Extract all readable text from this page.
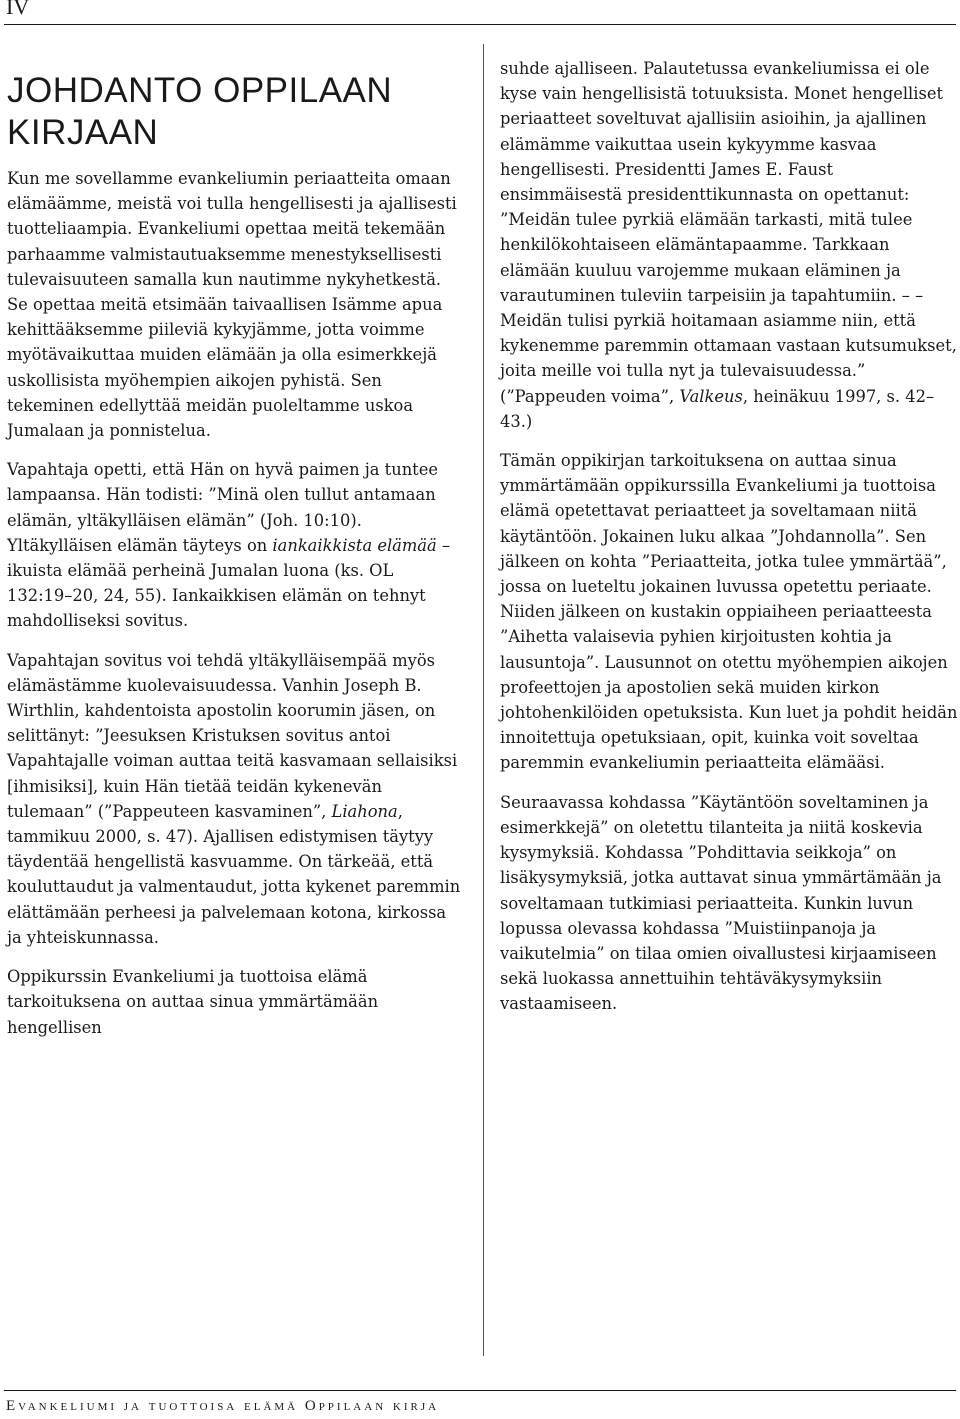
IV
JOHDANTO OPPILAAN KIRJAAN

Kun me sovellamme evankeliumin periaatteita omaan elämäämme, meistä voi tulla hengellisesti ja ajallisesti tuotteliaampia. Evankeliumi opettaa meitä tekemään parhaamme valmistautuaksemme menestyksellisesti tulevaisuuteen samalla kun nautimme nykyhetkestä. Se opettaa meitä etsimään taivaallisen Isämme apua kehittääksemme piileviä kykyjämme, jotta voimme myötävaikuttaa muiden elämään ja olla esimerkkejä uskollisista myöhempien aikojen pyhistä. Sen tekeminen edellyttää meidän puoleltamme uskoa Jumalaan ja ponnistelua.

Vapahtaja opetti, että Hän on hyvä paimen ja tuntee lampaansa. Hän todisti: ”Minä olen tullut antamaan elämän, yltäkylläisen elämän” (Joh. 10:10). Yltäkylläisen elämän täyteys on iankaikkista elämää – ikuista elämää perheinä Jumalan luona (ks. OL 132:19–20, 24, 55). Iankaikkisen elämän on tehnyt mahdolliseksi sovitus.

Vapahtajan sovitus voi tehdä yltäkylläisempää myös elämästämme kuolevaisuudessa. Vanhin Joseph B. Wirthlin, kahdentoista apostolin koorumin jäsen, on selittänyt: ”Jeesuksen Kristuksen sovitus antoi Vapahtajalle voiman auttaa teitä kasvamaan sellaisiksi [ihmisiksi], kuin Hän tietää teidän kykenevän tulemaan” (”Pappeuteen kasvaminen”, Liahona, tammikuu 2000, s. 47). Ajallisen edistymisen täytyy täydentää hengellistä kasvuamme. On tärkeää, että kouluttaudut ja valmentaudut, jotta kykenet paremmin elättämään perheesi ja palvelemaan kotona, kirkossa ja yhteiskunnassa.

Oppikurssin Evankeliumi ja tuottoisa elämä tarkoituksena on auttaa sinua ymmärtämään hengellisen

suhde ajalliseen. Palautetussa evankeliumissa ei ole kyse vain hengellisistä totuuksista. Monet hengelliset periaatteet soveltuvat ajallisiin asioihin, ja ajallinen elämämme vaikuttaa usein kykyymme kasvaa hengellisesti. Presidentti James E. Faust ensimmäisestä presidenttikunnasta on opettanut: ”Meidän tulee pyrkiä elämään tarkasti, mitä tulee henkilökohtaiseen elämäntapaamme. Tarkkaan elämään kuuluu varojemme mukaan eläminen ja varautuminen tuleviin tarpeisiin ja tapahtumiin. – – Meidän tulisi pyrkiä hoitamaan asiamme niin, että kykenemme paremmin ottamaan vastaan kutsumukset, joita meille voi tulla nyt ja tulevaisuudessa.” (”Pappeuden voima”, Valkeus, heinäkuu 1997, s. 42–43.)

Tämän oppikirjan tarkoituksena on auttaa sinua ymmärtämään oppikurssilla Evankeliumi ja tuottoisa elämä opetettavat periaatteet ja soveltamaan niitä käytäntöön. Jokainen luku alkaa ”Johdannolla”. Sen jälkeen on kohta ”Periaatteita, jotka tulee ymmärtää”, jossa on lueteltu jokainen luvussa opetettu periaate. Niiden jälkeen on kustakin oppiaiheen periaatteesta ”Aihetta valaisevia pyhien kirjoitusten kohtia ja lausuntoja”. Lausunnot on otettu myöhempien aikojen profeettojen ja apostolien sekä muiden kirkon johtohenkilöiden opetuksista. Kun luet ja pohdit heidän innoitettuja opetuksiaan, opit, kuinka voit soveltaa paremmin evankeliumin periaatteita elämääsi.

Seuraavassa kohdassa ”Käytäntöön soveltaminen ja esimerkkejä” on oletettu tilanteita ja niitä koskevia kysymyksiä. Kohdassa ”Pohdittavia seikkoja” on lisäkysymyksiä, jotka auttavat sinua ymmärtämään ja soveltamaan tutkimiasi periaatteita. Kunkin luvun lopussa olevassa kohdassa ”Muistiinpanoja ja vaikutelmia” on tilaa omien oivallustesi kirjaamiseen sekä luokassa annettuihin tehtäväkysymyksiin vastaamiseen.

Evankeliumi ja tuottoisa elämä Oppilaan kirja
